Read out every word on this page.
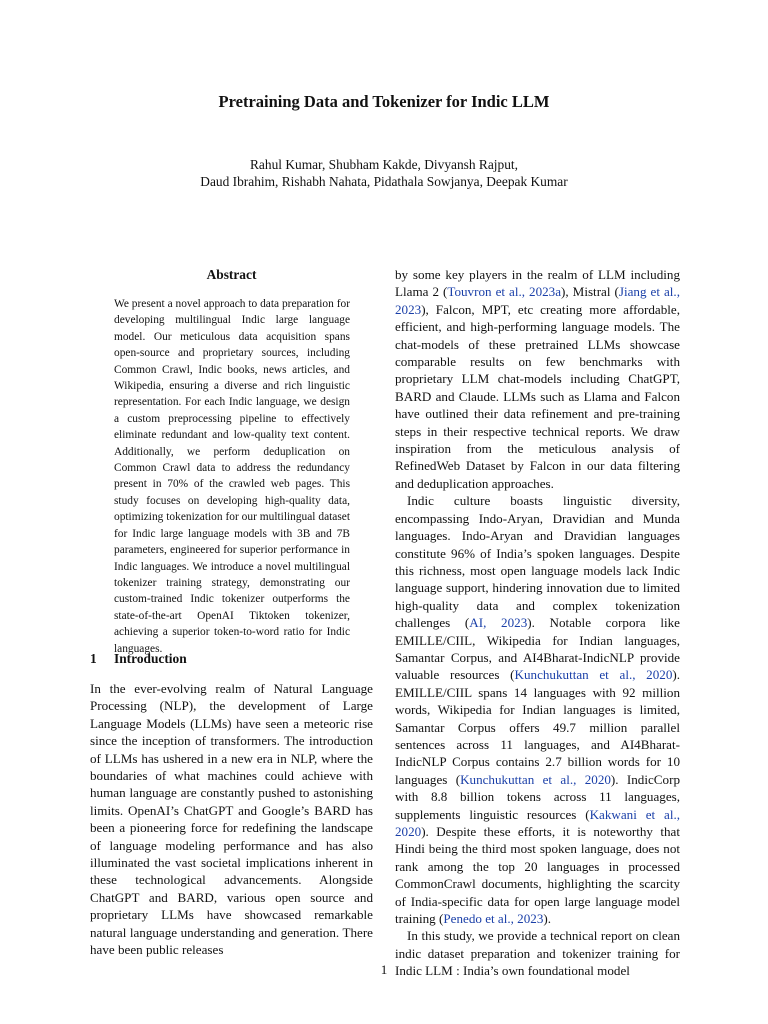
Pretraining Data and Tokenizer for Indic LLM
Rahul Kumar, Shubham Kakde, Divyansh Rajput,
Daud Ibrahim, Rishabh Nahata, Pidathala Sowjanya, Deepak Kumar
Abstract

We present a novel approach to data preparation for developing multilingual Indic large language model. Our meticulous data acquisition spans open-source and proprietary sources, including Common Crawl, Indic books, news articles, and Wikipedia, ensuring a diverse and rich linguistic representation. For each Indic language, we design a custom preprocessing pipeline to effectively eliminate redundant and low-quality text content. Additionally, we perform deduplication on Common Crawl data to address the redundancy present in 70% of the crawled web pages. This study focuses on developing high-quality data, optimizing tokenization for our multilingual dataset for Indic large language models with 3B and 7B parameters, engineered for superior performance in Indic languages. We introduce a novel multilingual tokenizer training strategy, demonstrating our custom-trained Indic tokenizer outperforms the state-of-the-art OpenAI Tiktoken tokenizer, achieving a superior token-to-word ratio for Indic languages.

1 Introduction

In the ever-evolving realm of Natural Language Processing (NLP), the development of Large Language Models (LLMs) have seen a meteoric rise since the inception of transformers. The introduction of LLMs has ushered in a new era in NLP, where the boundaries of what machines could achieve with human language are constantly pushed to astonishing limits. OpenAI’s ChatGPT and Google’s BARD has been a pioneering force for redefining the landscape of language modeling performance and has also illuminated the vast societal implications inherent in these technological advancements. Alongside ChatGPT and BARD, various open source and proprietary LLMs have showcased remarkable natural language understanding and generation. There have been public releases

by some key players in the realm of LLM including Llama 2 (Touvron et al., 2023a), Mistral (Jiang et al., 2023), Falcon, MPT, etc creating more affordable, efficient, and high-performing language models. The chat-models of these pretrained LLMs showcase comparable results on few benchmarks with proprietary LLM chat-models including ChatGPT, BARD and Claude. LLMs such as Llama and Falcon have outlined their data refinement and pre-training steps in their respective technical reports. We draw inspiration from the meticulous analysis of RefinedWeb Dataset by Falcon in our data filtering and deduplication approaches.

Indic culture boasts linguistic diversity, encompassing Indo-Aryan, Dravidian and Munda languages. Indo-Aryan and Dravidian languages constitute 96% of India’s spoken languages. Despite this richness, most open language models lack Indic language support, hindering innovation due to limited high-quality data and complex tokenization challenges (AI, 2023). Notable corpora like EMILLE/CIIL, Wikipedia for Indian languages, Samantar Corpus, and AI4Bharat-IndicNLP provide valuable resources (Kunchukuttan et al., 2020). EMILLE/CIIL spans 14 languages with 92 million words, Wikipedia for Indian languages is limited, Samantar Corpus offers 49.7 million parallel sentences across 11 languages, and AI4Bharat-IndicNLP Corpus contains 2.7 billion words for 10 languages (Kunchukuttan et al., 2020). IndicCorp with 8.8 billion tokens across 11 languages, supplements linguistic resources (Kakwani et al., 2020). Despite these efforts, it is noteworthy that Hindi being the third most spoken language, does not rank among the top 20 languages in processed CommonCrawl documents, highlighting the scarcity of India-specific data for open large language model training (Penedo et al., 2023).

In this study, we provide a technical report on clean indic dataset preparation and tokenizer training for Indic LLM : India’s own foundational model

1
